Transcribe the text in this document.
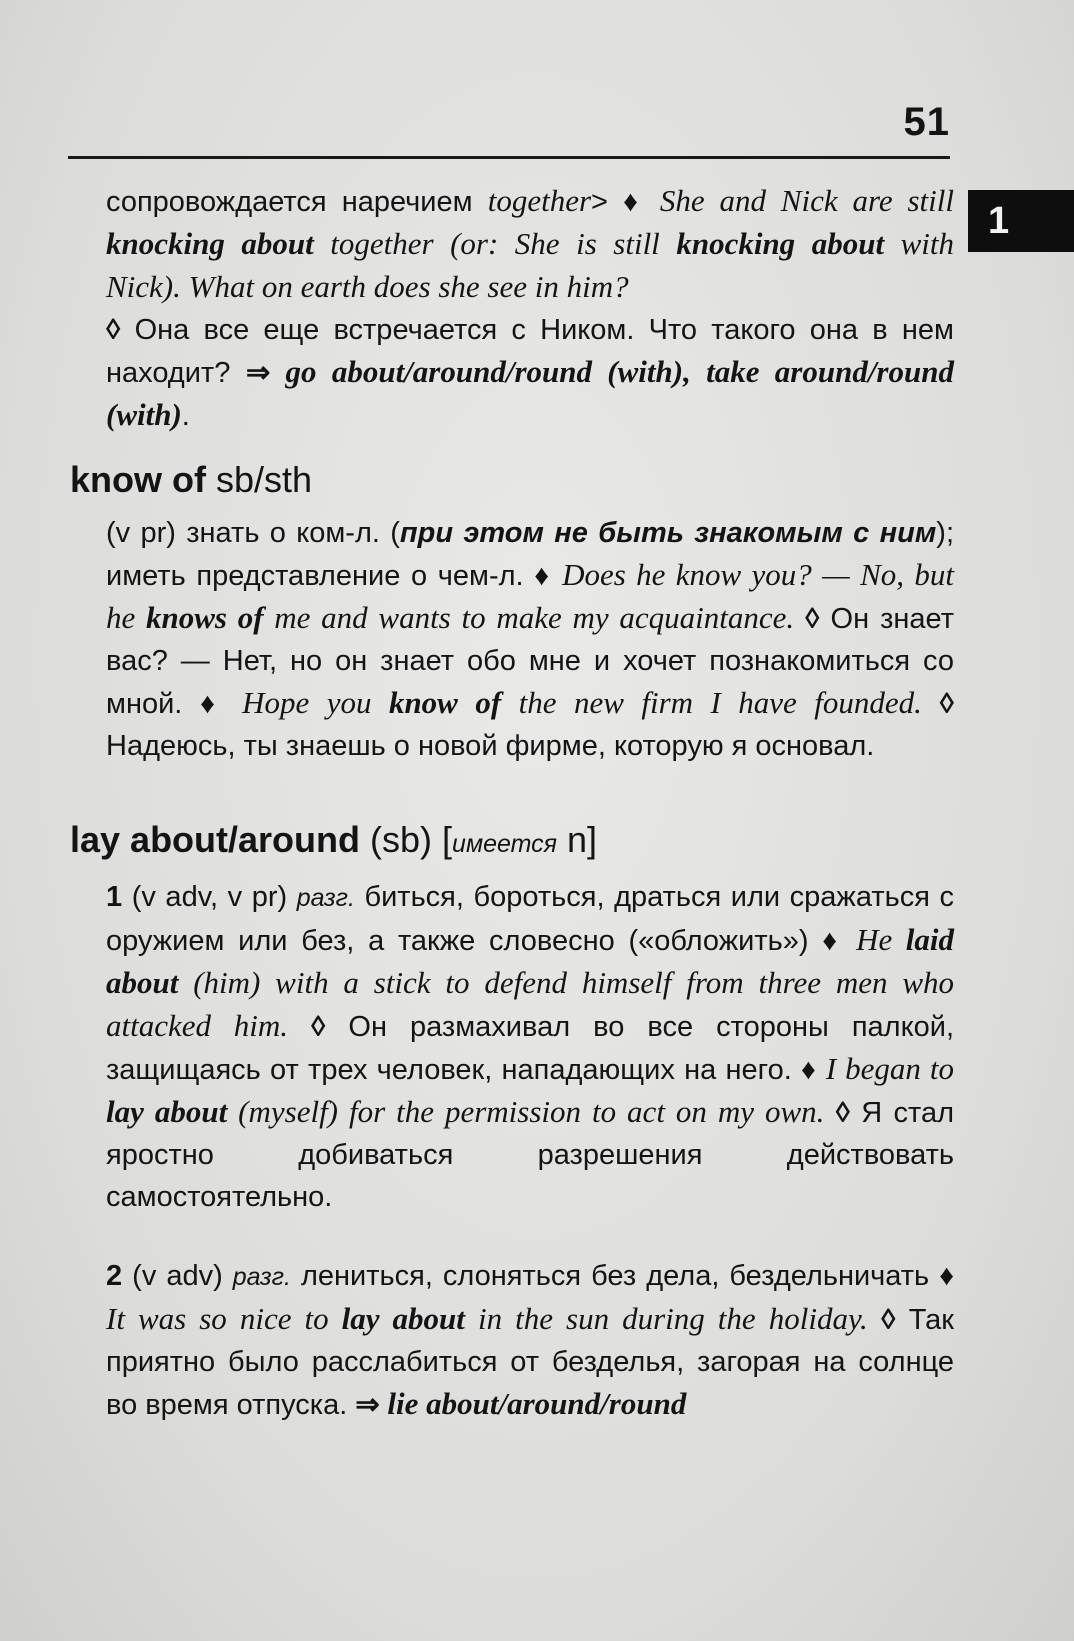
51
1
сопровождается наречием together> ♦ She and Nick are still knocking about together (or: She is still knocking about with Nick). What on earth does she see in him?
◊ Она все еще встречается с Ником. Что такого она в нем находит? ⇒ go about/around/round (with), take around/round (with).
know of sb/sth
(v pr) знать о ком-л. (при этом не быть знакомым с ним); иметь представление о чем-л. ♦ Does he know you? — No, but he knows of me and wants to make my acquaintance. ◊ Он знает вас? — Нет, но он знает обо мне и хочет познакомиться со мной. ♦ Hope you know of the new firm I have founded. ◊ Надеюсь, ты знаешь о новой фирме, которую я основал.
lay about/around (sb) [имеется n]
1 (v adv, v pr) разг. биться, бороться, драться или сражаться с оружием или без, а также словесно («обложить») ♦ He laid about (him) with a stick to defend himself from three men who attacked him. ◊ Он размахивал во все стороны палкой, защищаясь от трех человек, нападающих на него. ♦ I began to lay about (myself) for the permission to act on my own. ◊ Я стал яростно добиваться разрешения действовать самостоятельно.
2 (v adv) разг. лениться, слоняться без дела, бездельничать ♦ It was so nice to lay about in the sun during the holiday. ◊ Так приятно было расслабиться от безделья, загорая на солнце во время отпуска. ⇒ lie about/around/round
